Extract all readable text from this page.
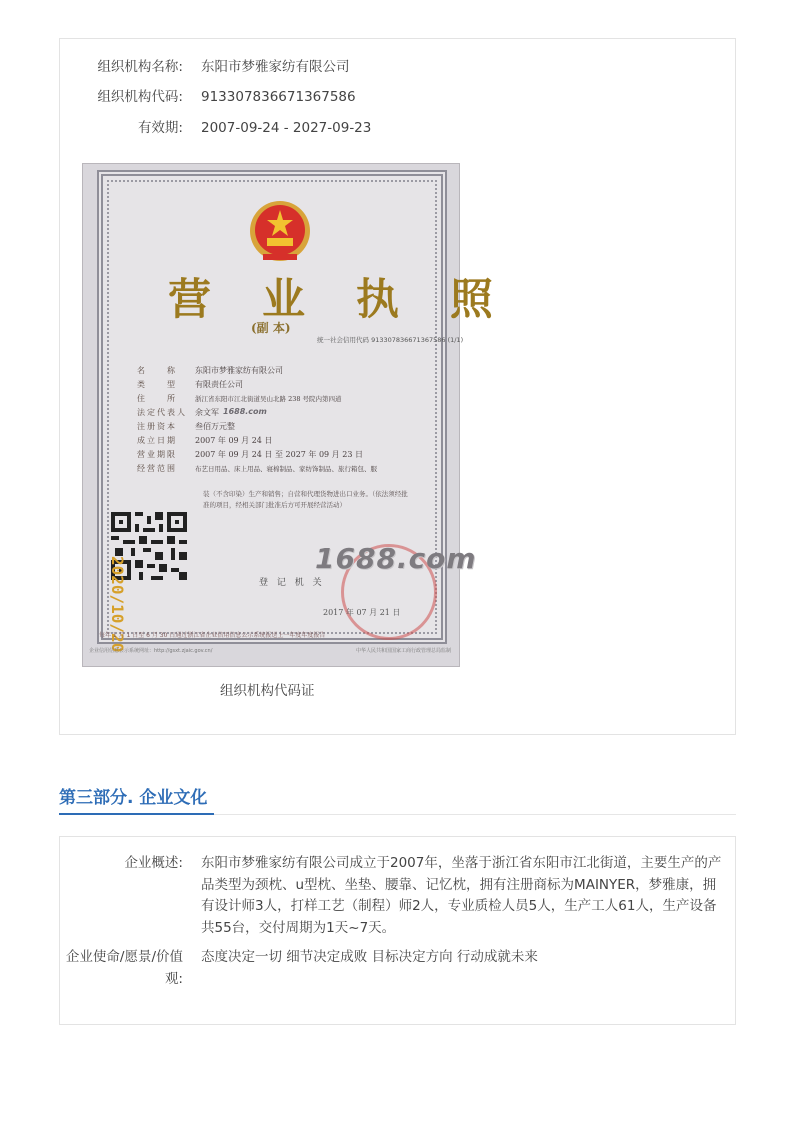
组织机构名称: 东阳市梦雅家纺有限公司
组织机构代码: 913307836671367586
有效期: 2007-09-24 - 2027-09-23
营 业 执 照
(副 本)
统一社会信用代码 913307836671367586 (1/1)
名　　称	东阳市梦雅家纺有限公司
类　　型	有限责任公司
住　　所	浙江省东阳市江北街道吴山北路 238 号院内第四道
法定代表人	余文军
注册资本	叁佰万元整
成立日期	2007 年 09 月 24 日
营业期限	2007 年 09 月 24 日 至 2027 年 09 月 23 日
经营范围	布艺日用品、床上用品、寝棉制品、家纺饰制品、旅行箱包、服
装（不含印染）生产和销售；自营和代理货物进出口业务。（依法须经批准的项目，经相关部门批准后方可开展经营活动）
1688.com
1688.com
登 记 机 关
2017 年 07 月 21 日
2020/10/20
每年 1 月 1 日至 6 月 30 日通过浙江省企业信用信息公示系统报送上一年度年度报告
企业信用信息公示系统网址：http://gsxt.zjaic.gov.cn/	中华人民共和国国家工商行政管理总局监制
组织机构代码证
第三部分. 企业文化
企业概述: 东阳市梦雅家纺有限公司成立于2007年，坐落于浙江省东阳市江北街道，主要生产的产品类型为颈枕、u型枕、坐垫、腰靠、记忆枕，拥有注册商标为MAINYER，梦雅康，拥有设计师3人，打样工艺（制程）师2人，专业质检人员5人，生产工人61人，生产设备共55台，交付周期为1天~7天。
企业使命/愿景/价值观:
态度决定一切 细节决定成败 目标决定方向 行动成就未来
